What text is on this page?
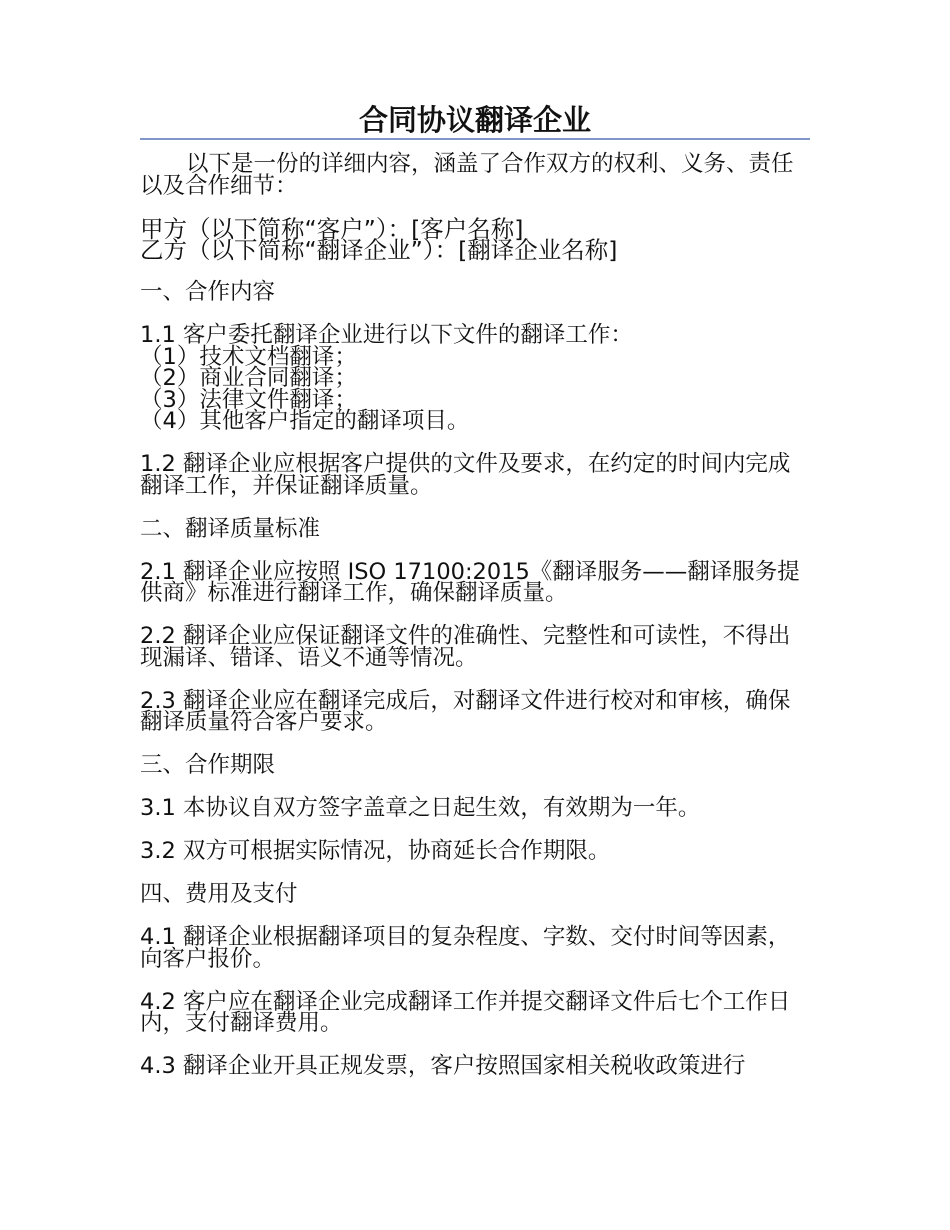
合同协议翻译企业

以下是一份的详细内容，涵盖了合作双方的权利、义务、责任以及合作细节：

甲方（以下简称“客户”）：[客户名称]
乙方（以下简称“翻译企业”）：[翻译企业名称]

一、合作内容

1.1 客户委托翻译企业进行以下文件的翻译工作：
（1）技术文档翻译；
（2）商业合同翻译；
（3）法律文件翻译；
（4）其他客户指定的翻译项目。

1.2 翻译企业应根据客户提供的文件及要求，在约定的时间内完成翻译工作，并保证翻译质量。

二、翻译质量标准

2.1 翻译企业应按照 ISO 17100:2015《翻译服务——翻译服务提供商》标准进行翻译工作，确保翻译质量。

2.2 翻译企业应保证翻译文件的准确性、完整性和可读性，不得出现漏译、错译、语义不通等情况。

2.3 翻译企业应在翻译完成后，对翻译文件进行校对和审核，确保翻译质量符合客户要求。

三、合作期限

3.1 本协议自双方签字盖章之日起生效，有效期为一年。

3.2 双方可根据实际情况，协商延长合作期限。

四、费用及支付

4.1 翻译企业根据翻译项目的复杂程度、字数、交付时间等因素，向客户报价。

4.2 客户应在翻译企业完成翻译工作并提交翻译文件后七个工作日内，支付翻译费用。

4.3 翻译企业开具正规发票，客户按照国家相关税收政策进行
